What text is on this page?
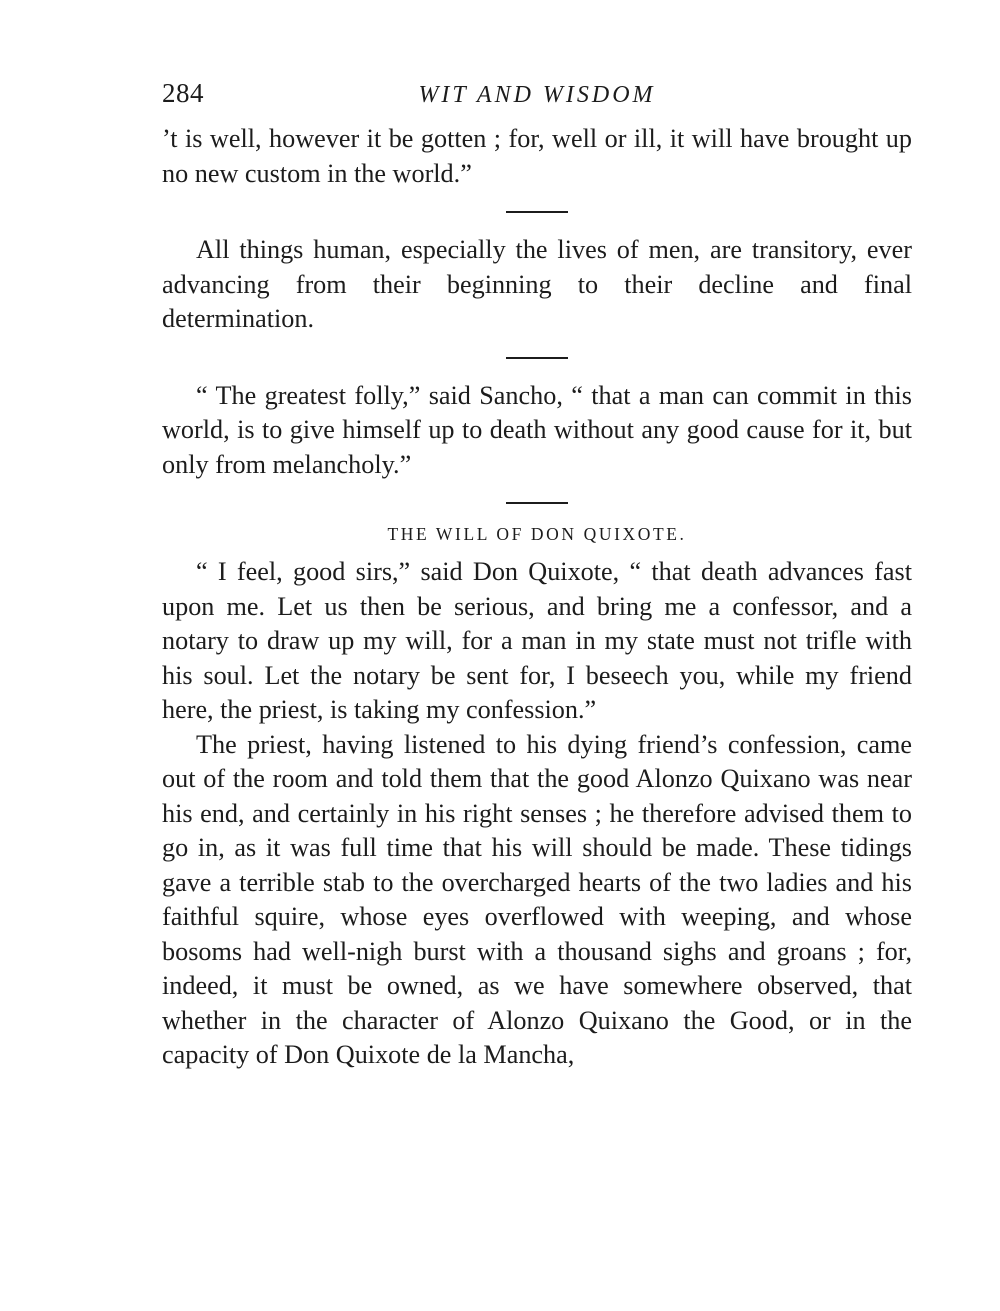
284	WIT AND WISDOM

’t is well, however it be gotten ; for, well or ill, it will have brought up no new custom in the world.”

All things human, especially the lives of men, are transitory, ever advancing from their beginning to their decline and final determination.

“ The greatest folly,” said Sancho, “ that a man can commit in this world, is to give himself up to death without any good cause for it, but only from melancholy.”

THE WILL OF DON QUIXOTE.

“ I feel, good sirs,” said Don Quixote, “ that death advances fast upon me. Let us then be serious, and bring me a confessor, and a notary to draw up my will, for a man in my state must not trifle with his soul. Let the notary be sent for, I beseech you, while my friend here, the priest, is taking my confession.”

The priest, having listened to his dying friend’s confession, came out of the room and told them that the good Alonzo Quixano was near his end, and certainly in his right senses ; he therefore advised them to go in, as it was full time that his will should be made. These tidings gave a terrible stab to the overcharged hearts of the two ladies and his faithful squire, whose eyes overflowed with weeping, and whose bosoms had well-nigh burst with a thousand sighs and groans ; for, indeed, it must be owned, as we have somewhere observed, that whether in the character of Alonzo Quixano the Good, or in the capacity of Don Quixote de la Mancha,
